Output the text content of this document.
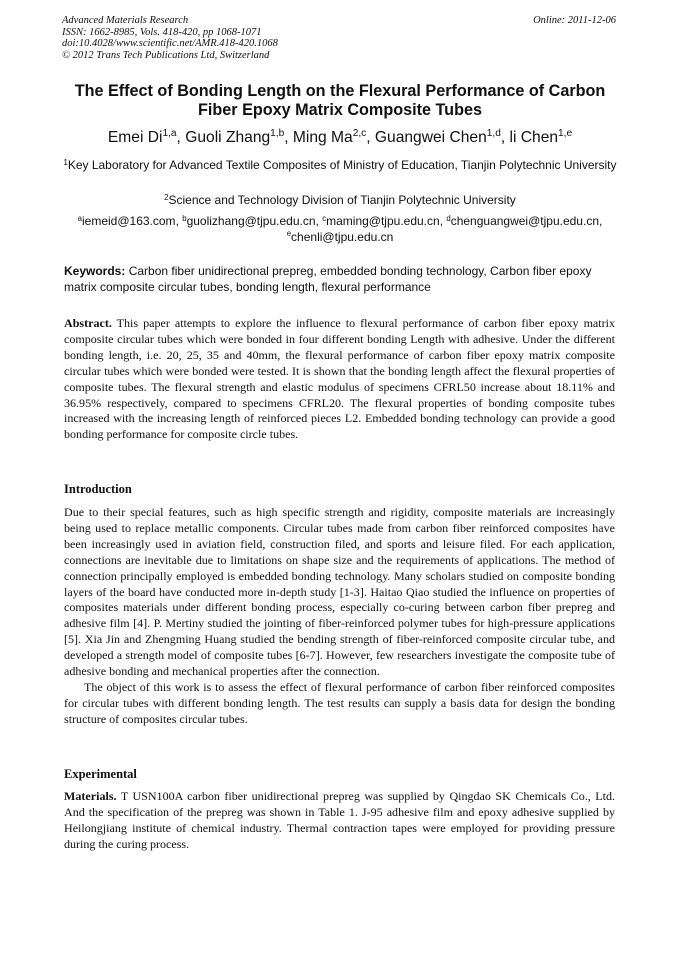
Advanced Materials Research
ISSN: 1662-8985, Vols. 418-420, pp 1068-1071
doi:10.4028/www.scientific.net/AMR.418-420.1068
© 2012 Trans Tech Publications Ltd, Switzerland
Online: 2011-12-06
The Effect of Bonding Length on the Flexural Performance of Carbon
Fiber Epoxy Matrix Composite Tubes
Emei Di$^{1,a}$, Guoli Zhang$^{1,b}$, Ming Ma$^{2,c}$, Guangwei Chen$^{1,d}$, li Chen$^{1,e}$
$^1$Key Laboratory for Advanced Textile Composites of Ministry of Education, Tianjin Polytechnic University
$^2$Science and Technology Division of Tianjin Polytechnic University
$^a$iemeid@163.com, $^b$guolizhang@tjpu.edu.cn, $^c$maming@tjpu.edu.cn, $^d$chenguangwei@tjpu.edu.cn, $^e$chenli@tjpu.edu.cn
Keywords: Carbon fiber unidirectional prepreg, embedded bonding technology, Carbon fiber epoxy matrix composite circular tubes, bonding length, flexural performance
Abstract. This paper attempts to explore the influence to flexural performance of carbon fiber epoxy matrix composite circular tubes which were bonded in four different bonding Length with adhesive. Under the different bonding length, i.e. 20, 25, 35 and 40mm, the flexural performance of carbon fiber epoxy matrix composite circular tubes which were bonded were tested. It is shown that the bonding length affect the flexural properties of composite tubes. The flexural strength and elastic modulus of specimens CFRL50 increase about 18.11% and 36.95% respectively, compared to specimens CFRL20. The flexural properties of bonding composite tubes increased with the increasing length of reinforced pieces L2. Embedded bonding technology can provide a good bonding performance for composite circle tubes.
Introduction

Due to their special features, such as high specific strength and rigidity, composite materials are increasingly being used to replace metallic components. Circular tubes made from carbon fiber reinforced composites have been increasingly used in aviation field, construction filed, and sports and leisure filed. For each application, connections are inevitable due to limitations on shape size and the requirements of applications. The method of connection principally employed is embedded bonding technology. Many scholars studied on composite bonding layers of the board have conducted more in-depth study [1-3]. Haitao Qiao studied the influence on properties of composites materials under different bonding process, especially co-curing between carbon fiber prepreg and adhesive film [4]. P. Mertiny studied the jointing of fiber-reinforced polymer tubes for high-pressure applications [5]. Xia Jin and Zhengming Huang studied the bending strength of fiber-reinforced composite circular tube, and developed a strength model of composite tubes [6-7]. However, few researchers investigate the composite tube of adhesive bonding and mechanical properties after the connection.

The object of this work is to assess the effect of flexural performance of carbon fiber reinforced composites for circular tubes with different bonding length. The test results can supply a basis data for design the bonding structure of composites circular tubes.

Experimental
Materials. T USN100A carbon fiber unidirectional prepreg was supplied by Qingdao SK Chemicals Co., Ltd. And the specification of the prepreg was shown in Table 1. J-95 adhesive film and epoxy adhesive supplied by Heilongjiang institute of chemical industry. Thermal contraction tapes were employed for providing pressure during the curing process.
